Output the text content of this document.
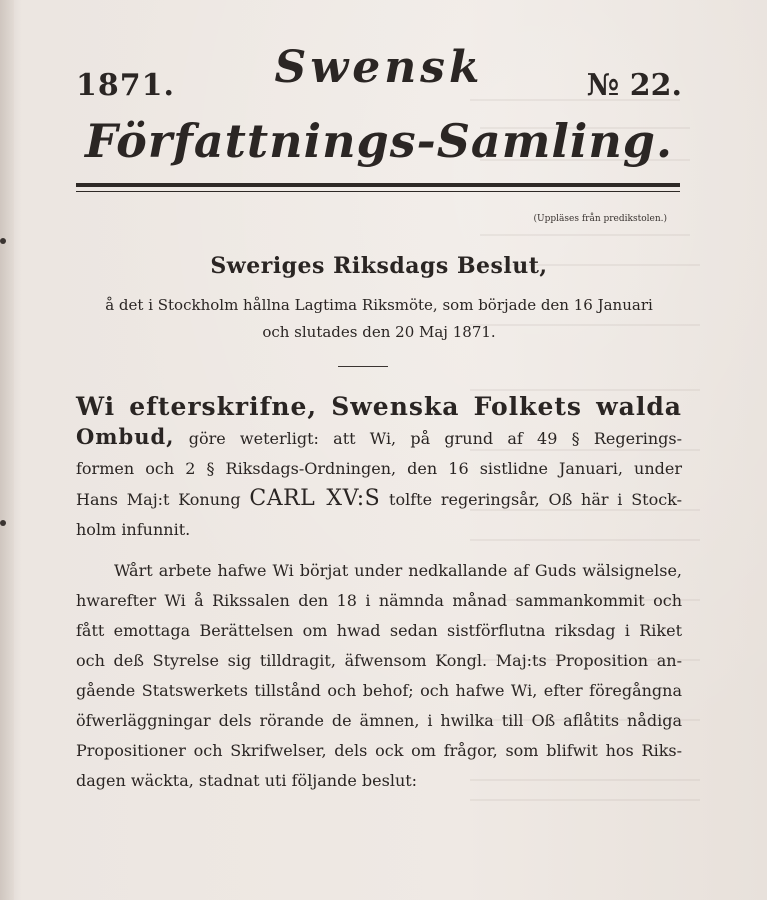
1871.	Swensk	№ 22.
Författnings-Samling.
(Uppläses från predikstolen.)
Sweriges Riksdags Beslut,
å det i Stockholm hållna Lagtima Riksmöte, som började den 16 Januari
och slutades den 20 Maj 1871.
Wi efterskrifne, Swenska Folkets walda
Ombud, göre weterligt: att Wi, på grund af 49 § Regerings-
formen och 2 § Riksdags-Ordningen, den 16 sistlidne Januari, under
Hans Maj:t Konung CARL XV:S tolfte regeringsår, Oß här i Stock-
holm infunnit.
Wårt arbete hafwe Wi börjat under nedkallande af Guds wälsignelse,
hwarefter Wi å Rikssalen den 18 i nämnda månad sammankommit och
fått emottaga Berättelsen om hwad sedan sistförflutna riksdag i Riket
och deß Styrelse sig tilldragit, äfwensom Kongl. Maj:ts Proposition an-
gående Statswerkets tillstånd och behof; och hafwe Wi, efter föregångna
öfwerläggningar dels rörande de ämnen, i hwilka till Oß aflåtits nådiga
Propositioner och Skrifwelser, dels ock om frågor, som blifwit hos Riks-
dagen wäckta, stadnat uti följande beslut:
